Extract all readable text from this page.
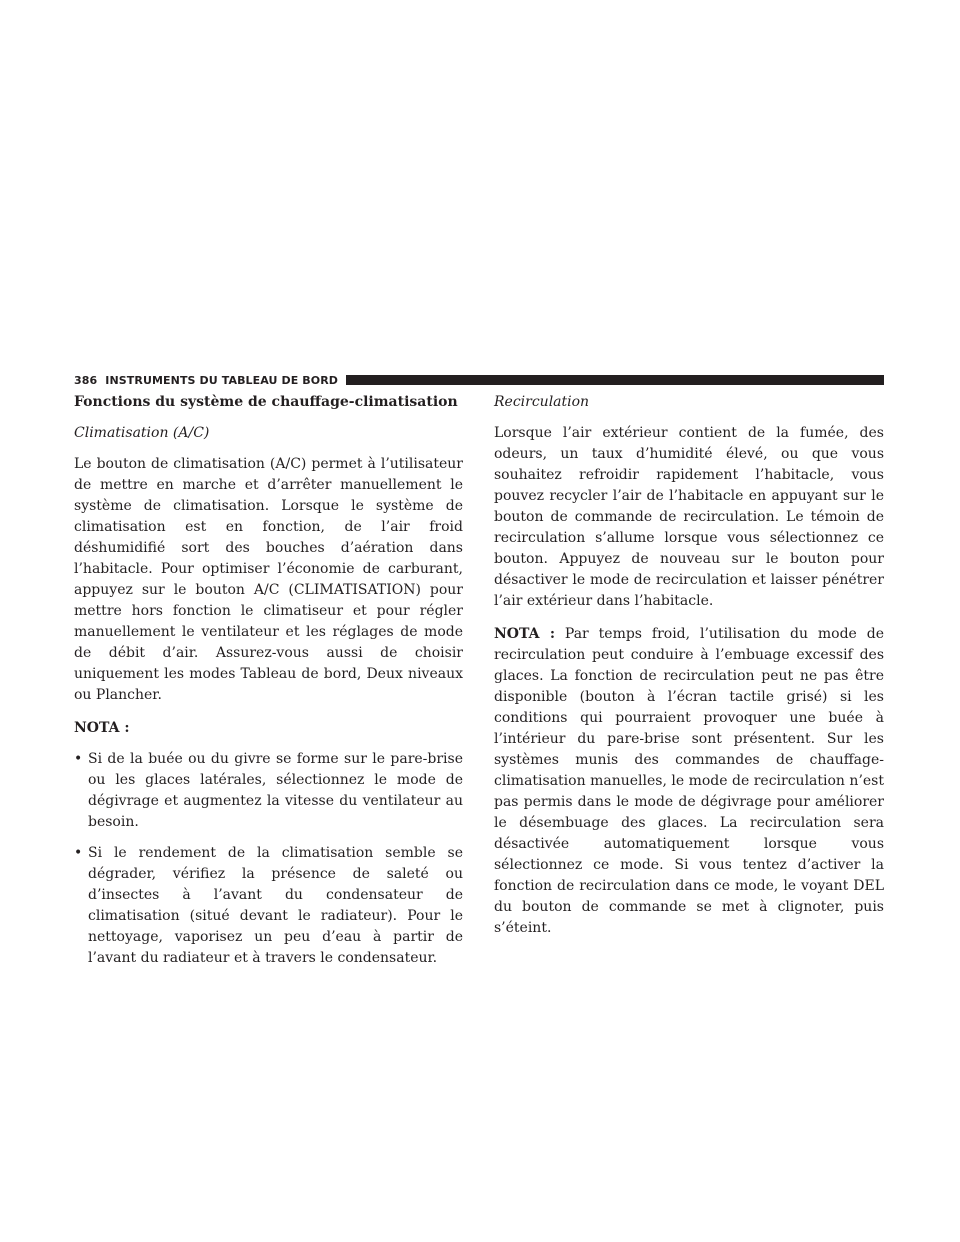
386 INSTRUMENTS DU TABLEAU DE BORD
Fonctions du système de chauffage-climatisation
Climatisation (A/C)

Le bouton de climatisation (A/C) permet à l’utilisateur de mettre en marche et d’arrêter manuellement le système de climatisation. Lorsque le système de climatisation est en fonction, de l’air froid déshumidifié sort des bouches d’aération dans l’habitacle. Pour optimiser l’économie de carburant, appuyez sur le bouton A/C (CLIMATISATION) pour mettre hors fonction le climatiseur et pour régler manuellement le ventilateur et les réglages de mode de débit d’air. Assurez-vous aussi de choisir uniquement les modes Tableau de bord, Deux niveaux ou Plancher.

NOTA :
• Si de la buée ou du givre se forme sur le pare-brise ou les glaces latérales, sélectionnez le mode de dégivrage et augmentez la vitesse du ventilateur au besoin.
• Si le rendement de la climatisation semble se dégrader, vérifiez la présence de saleté ou d’insectes à l’avant du condensateur de climatisation (situé devant le radiateur). Pour le nettoyage, vaporisez un peu d’eau à partir de l’avant du radiateur et à travers le condensateur.
Recirculation

Lorsque l’air extérieur contient de la fumée, des odeurs, un taux d’humidité élevé, ou que vous souhaitez refroidir rapidement l’habitacle, vous pouvez recycler l’air de l’habitacle en appuyant sur le bouton de commande de recirculation. Le témoin de recirculation s’allume lorsque vous sélectionnez ce bouton. Appuyez de nouveau sur le bouton pour désactiver le mode de recirculation et laisser pénétrer l’air extérieur dans l’habitacle.

NOTA : Par temps froid, l’utilisation du mode de recirculation peut conduire à l’embuage excessif des glaces. La fonction de recirculation peut ne pas être disponible (bouton à l’écran tactile grisé) si les conditions qui pourraient provoquer une buée à l’intérieur du pare-brise sont présentent. Sur les systèmes munis des commandes de chauffage-climatisation manuelles, le mode de recirculation n’est pas permis dans le mode de dégivrage pour améliorer le désembuage des glaces. La recirculation sera désactivée automatiquement lorsque vous sélectionnez ce mode. Si vous tentez d’activer la fonction de recirculation dans ce mode, le voyant DEL du bouton de commande se met à clignoter, puis s’éteint.
